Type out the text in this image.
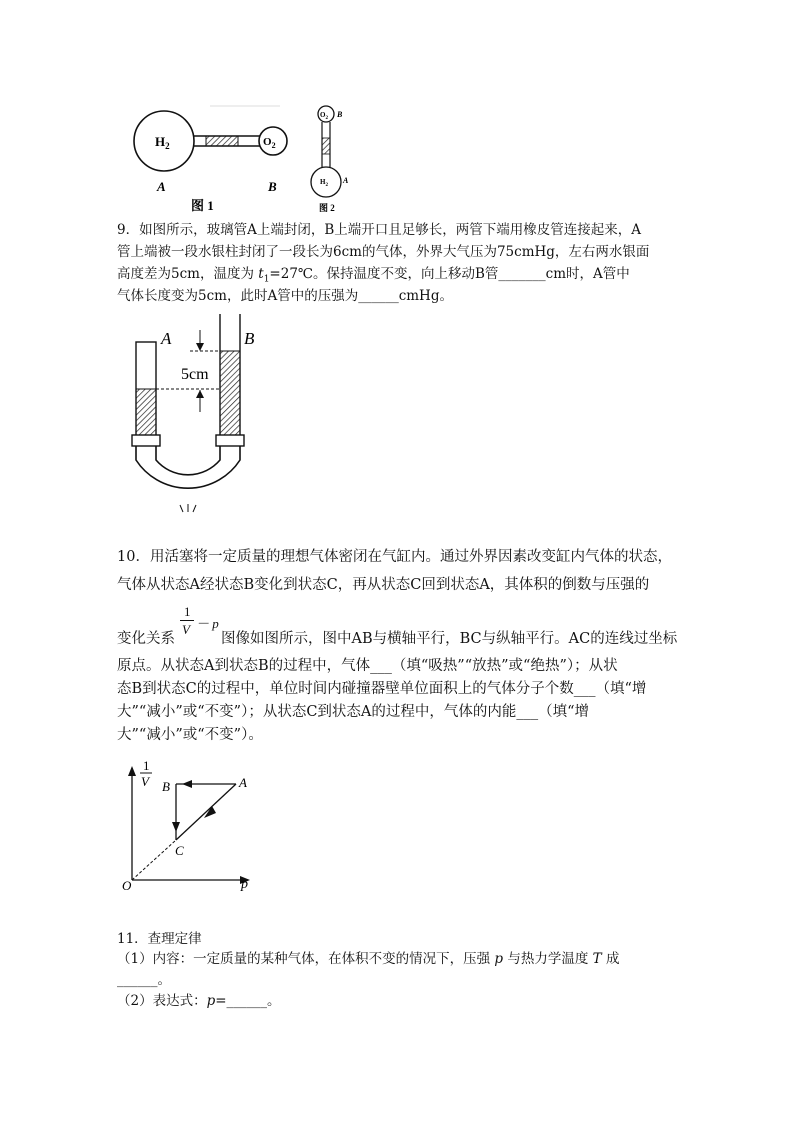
$H_2$	$O_2$
A	B
图 1
$O_2$
$H_2$
B
A
图 2
9．如图所示，玻璃管A上端封闭，B上端开口且足够长，两管下端用橡皮管连接起来，A
管上端被一段水银柱封闭了一段长为6cm的气体，外界大气压为75cmHg，左右两水银面
高度差为5cm，温度为 $t_1=27℃$。保持温度不变，向上移动B管_______cm时，A管中
气体长度变为5cm，此时A管中的压强为______cmHg。
5cm
A	B
10．用活塞将一定质量的理想气体密闭在气缸内。通过外界因素改变缸内气体的状态，
气体从状态A经状态B变化到状态C，再从状态C回到状态A，其体积的倒数与压强的
1
V － p
变化关系	图像如图所示，图中AB与横轴平行，BC与纵轴平行。AC的连线过坐标
原点。从状态A到状态B的过程中，气体___（填“吸热”“放热”或“绝热”）；从状
态B到状态C的过程中，单位时间内碰撞器壁单位面积上的气体分子个数___（填“增
大”“减小”或“不变”）；从状态C到状态A的过程中，气体的内能___（填“增
大”“减小”或“不变”）。
1
V
p
O
A
B
C
11．查理定律
（1）内容：一定质量的某种气体，在体积不变的情况下，压强 p 与热力学温度 T 成
______。
（2）表达式：p=______。
